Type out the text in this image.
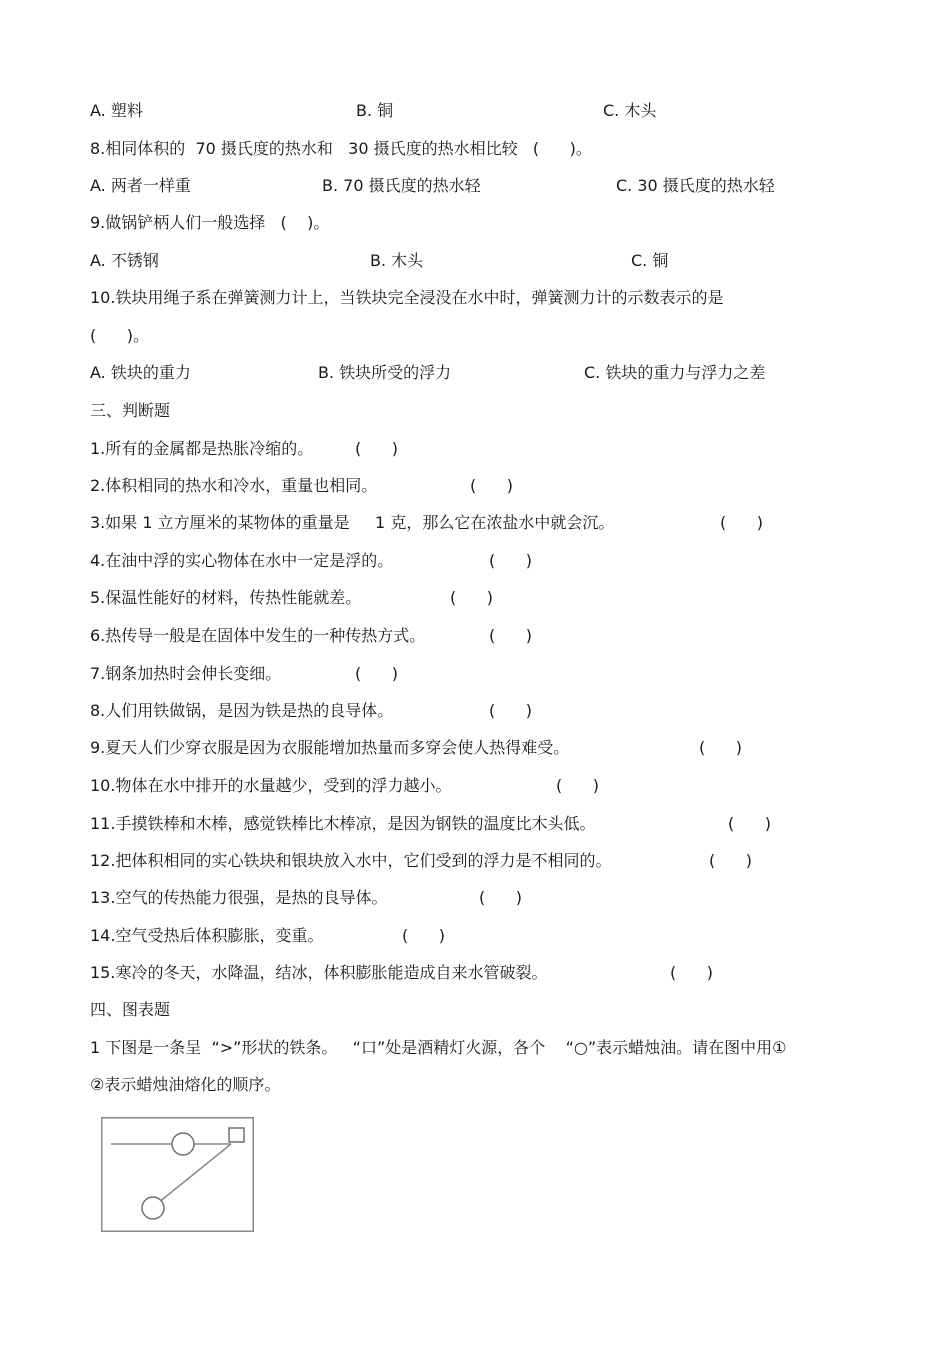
A. 塑料	B. 铜	C. 木头
8.相同体积的  70 摄氏度的热水和   30 摄氏度的热水相比较   (      )。
A. 两者一样重	B. 70 摄氏度的热水轻	C. 30 摄氏度的热水轻
9.做锅铲柄人们一般选择   (    )。
A. 不锈钢	B. 木头	C. 铜
10.铁块用绳子系在弹簧测力计上，当铁块完全浸没在水中时，弹簧测力计的示数表示的是
(      )。
A. 铁块的重力	B. 铁块所受的浮力	C. 铁块的重力与浮力之差
三、判断题
1.所有的金属都是热胀冷缩的。	(      )
2.体积相同的热水和冷水，重量也相同。	(      )
3.如果 1 立方厘米的某物体的重量是     1 克，那么它在浓盐水中就会沉。	(      )
4.在油中浮的实心物体在水中一定是浮的。	(      )
5.保温性能好的材料，传热性能就差。	(      )
6.热传导一般是在固体中发生的一种传热方式。	(      )
7.钢条加热时会伸长变细。	(      )
8.人们用铁做锅，是因为铁是热的良导体。	(      )
9.夏天人们少穿衣服是因为衣服能增加热量而多穿会使人热得难受。	(      )
10.物体在水中排开的水量越少，受到的浮力越小。	(      )
11.手摸铁棒和木棒，感觉铁棒比木棒凉，是因为钢铁的温度比木头低。	(      )
12.把体积相同的实心铁块和银块放入水中，它们受到的浮力是不相同的。	(      )
13.空气的传热能力很强，是热的良导体。	(      )
14.空气受热后体积膨胀，变重。	(      )
15.寒冷的冬天，水降温，结冰，体积膨胀能造成自来水管破裂。	(      )
四、图表题
1 下图是一条呈  “>”形状的铁条。   “口”处是酒精灯火源，各个    “○”表示蜡烛油。请在图中用①
②表示蜡烛油熔化的顺序。
